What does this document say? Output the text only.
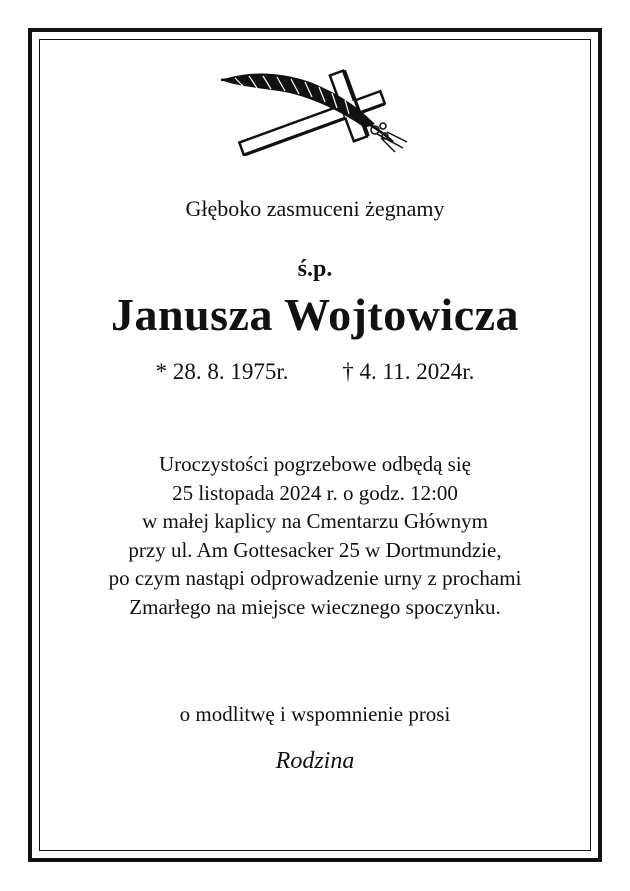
Głęboko zasmuceni żegnamy
ś.p.
Janusza Wojtowicza
* 28. 8. 1975r. † 4. 11. 2024r.
Uroczystości pogrzebowe odbędą się
25 listopada 2024 r. o godz. 12:00
w małej kaplicy na Cmentarzu Głównym
przy ul. Am Gottesacker 25 w Dortmundzie,
po czym nastąpi odprowadzenie urny z prochami
Zmarłego na miejsce wiecznego spoczynku.
o modlitwę i wspomnienie prosi
Rodzina
